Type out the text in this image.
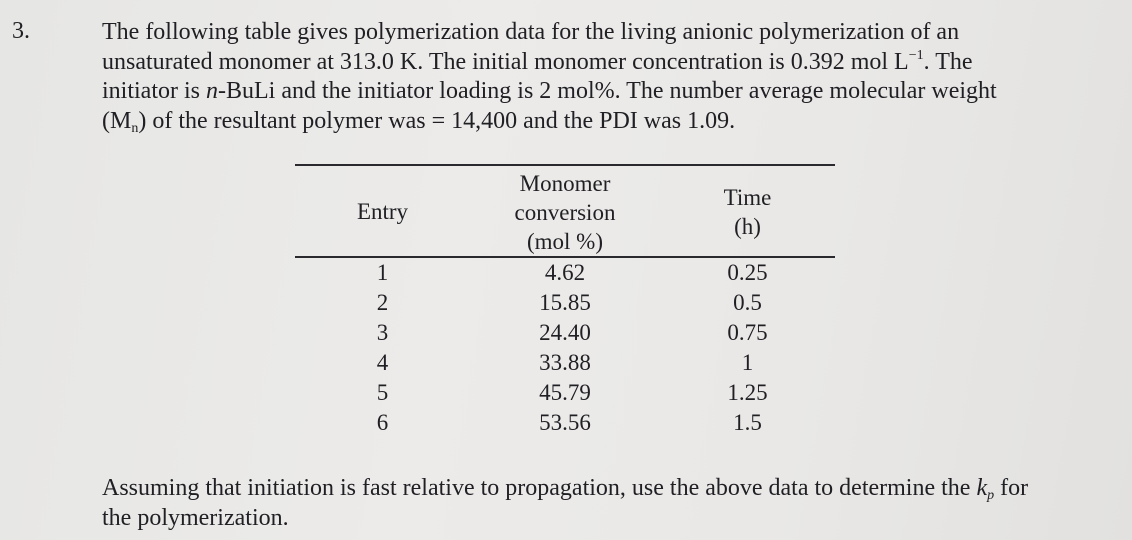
3.	The following table gives polymerization data for the living anionic polymerization of an
unsaturated monomer at 313.0 K. The initial monomer concentration is 0.392 mol $L^{-1}$. The
initiator is n-BuLi and the initiator loading is 2 mol%. The number average molecular weight
$(M_n)$ of the resultant polymer was = 14,400 and the PDI was 1.09.
Entry
Monomer
conversion
(mol %)
Time
(h)
1
2
3
4
5
6
4.62
15.85
24.40
33.88
45.79
53.56
0.25
0.5
0.75
1
1.25
1.5
Assuming that initiation is fast relative to propagation, use the above data to determine the $k_p$ for
the polymerization.
